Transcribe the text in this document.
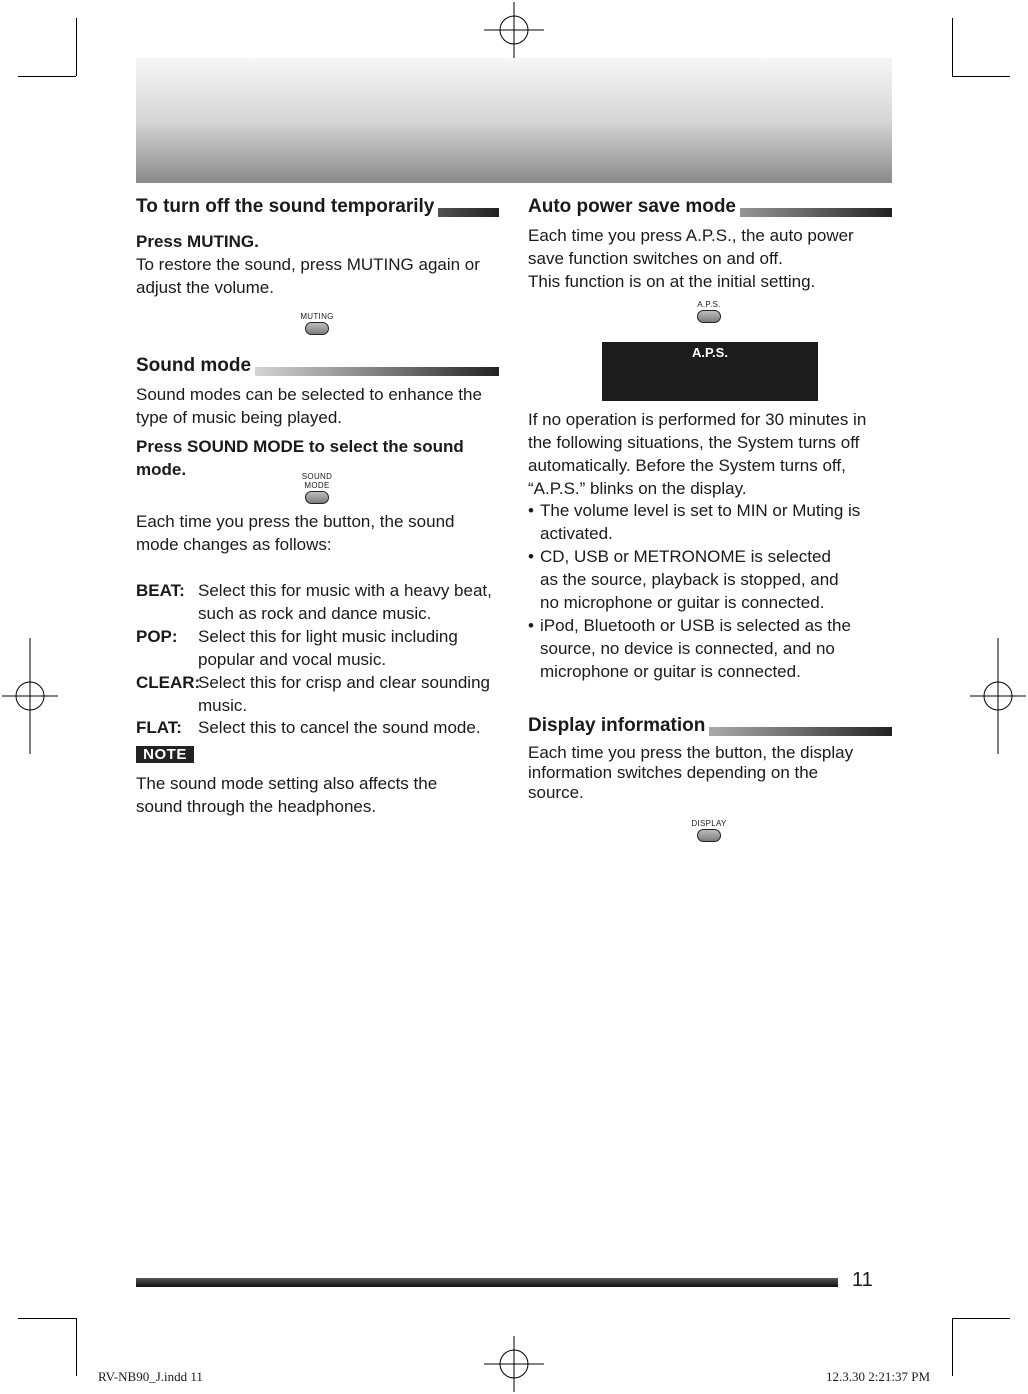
To turn off the sound temporarily
Press MUTING.
To restore the sound, press MUTING again or adjust the volume.
MUTING
Sound mode
Sound modes can be selected to enhance the type of music being played.
Press SOUND MODE to select the sound mode.	SOUND
MODE
Each time you press the button, the sound mode changes as follows:
BEAT: Select this for music with a heavy beat, such as rock and dance music.
POP: Select this for light music including popular and vocal music.
CLEAR:
Select this for crisp and clear sounding music.
FLAT: Select this to cancel the sound mode.
NOTE
The sound mode setting also affects the sound through the headphones.
Auto power save mode
Each time you press A.P.S., the auto power save function switches on and off.
This function is on at the initial setting.
A.P.S.
A.P.S.
If no operation is performed for 30 minutes in the following situations, the System turns off automatically. Before the System turns off, “A.P.S.” blinks on the display.
• The volume level is set to MIN or Muting is activated.
• CD, USB or METRONOME is selected as the source, playback is stopped, and no microphone or guitar is connected.
• iPod, Bluetooth or USB is selected as the source, no device is connected, and no microphone or guitar is connected.
Display information
Each time you press the button, the display information switches depending on the source.
DISPLAY
11
RV-NB90_J.indd 11	12.3.30 2:21:37 PM
